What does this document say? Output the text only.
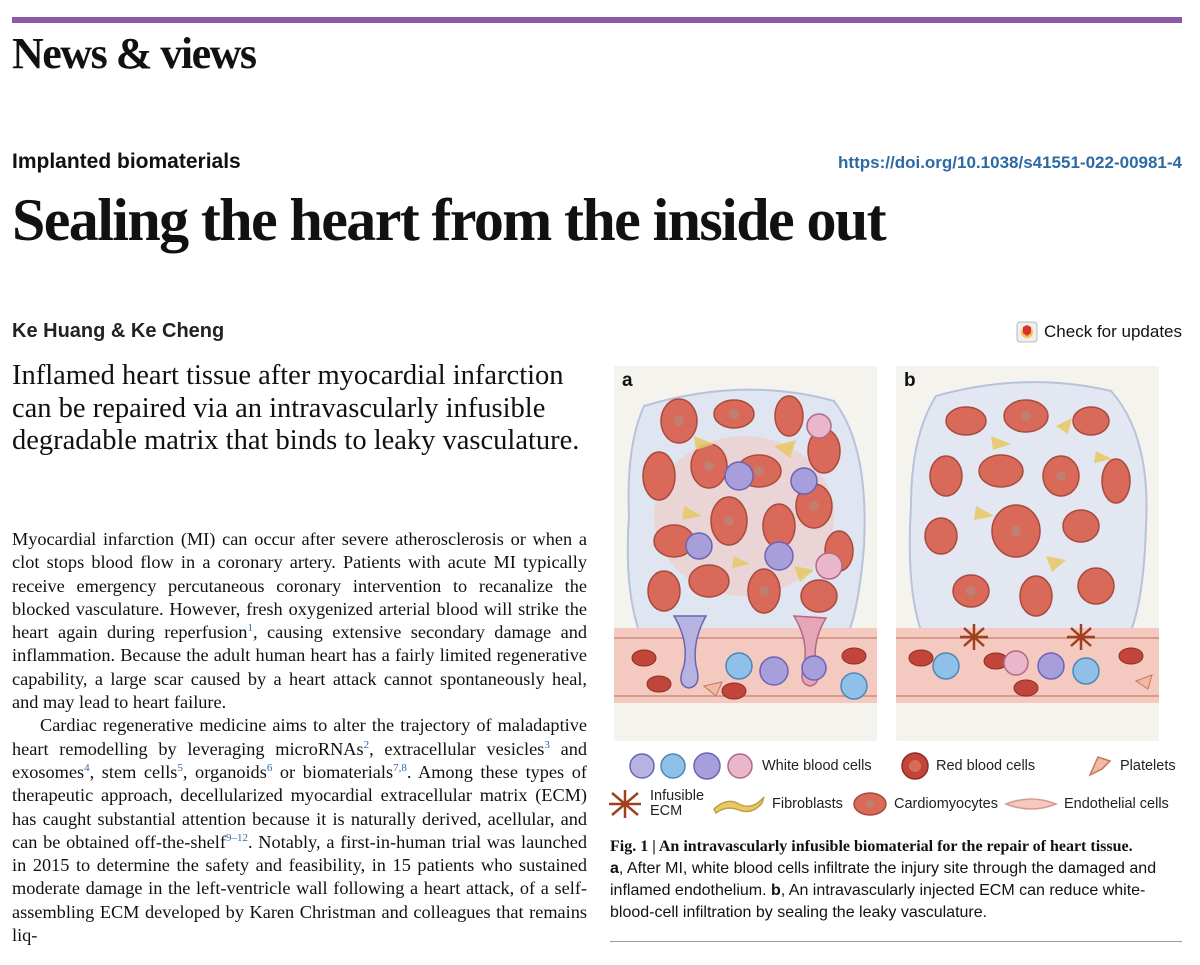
News & views
Implanted biomaterials	https://doi.org/10.1038/s41551-022-00981-4
Sealing the heart from the inside out
Ke Huang & Ke Cheng	Check for updates
Inflamed heart tissue after myocardial infarction can be repaired via an intravascularly infusible degradable matrix that binds to leaky vasculature.

Myocardial infarction (MI) can occur after severe atherosclerosis or when a clot stops blood flow in a coronary artery. Patients with acute MI typically receive emergency percutaneous coronary intervention to recanalize the blocked vasculature. However, fresh oxygenized arterial blood will strike the heart again during reperfusion$^1$, causing extensive secondary damage and inflammation. Because the adult human heart has a fairly limited regenerative capability, a large scar caused by a heart attack cannot spontaneously heal, and may lead to heart failure.

Cardiac regenerative medicine aims to alter the trajectory of maladaptive heart remodelling by leveraging microRNAs$^2$, extracellular vesicles$^3$ and exosomes$^4$, stem cells$^5$, organoids$^6$ or biomaterials$^{7,8}$. Among these types of therapeutic approach, decellularized myocardial extracellular matrix (ECM) has caught substantial attention because it is naturally derived, acellular, and can be obtained off-the-shelf$^{9-12}$. Notably, a first-in-human trial was launched in 2015 to determine the safety and feasibility, in 15 patients who sustained moderate damage in the left-ventricle wall following a heart attack, of a self-assembling ECM developed by Karen Christman and colleagues that remains liq-

a	b
White blood cells	Red blood cells	Platelets
Infusible
ECM	Fibroblasts	Cardiomyocytes	Endothelial cells
Fig. 1 | An intravascularly infusible biomaterial for the repair of heart tissue.
a, After MI, white blood cells infiltrate the injury site through the damaged and inflamed endothelium. b, An intravascularly injected ECM can reduce white-blood-cell infiltration by sealing the leaky vasculature.
